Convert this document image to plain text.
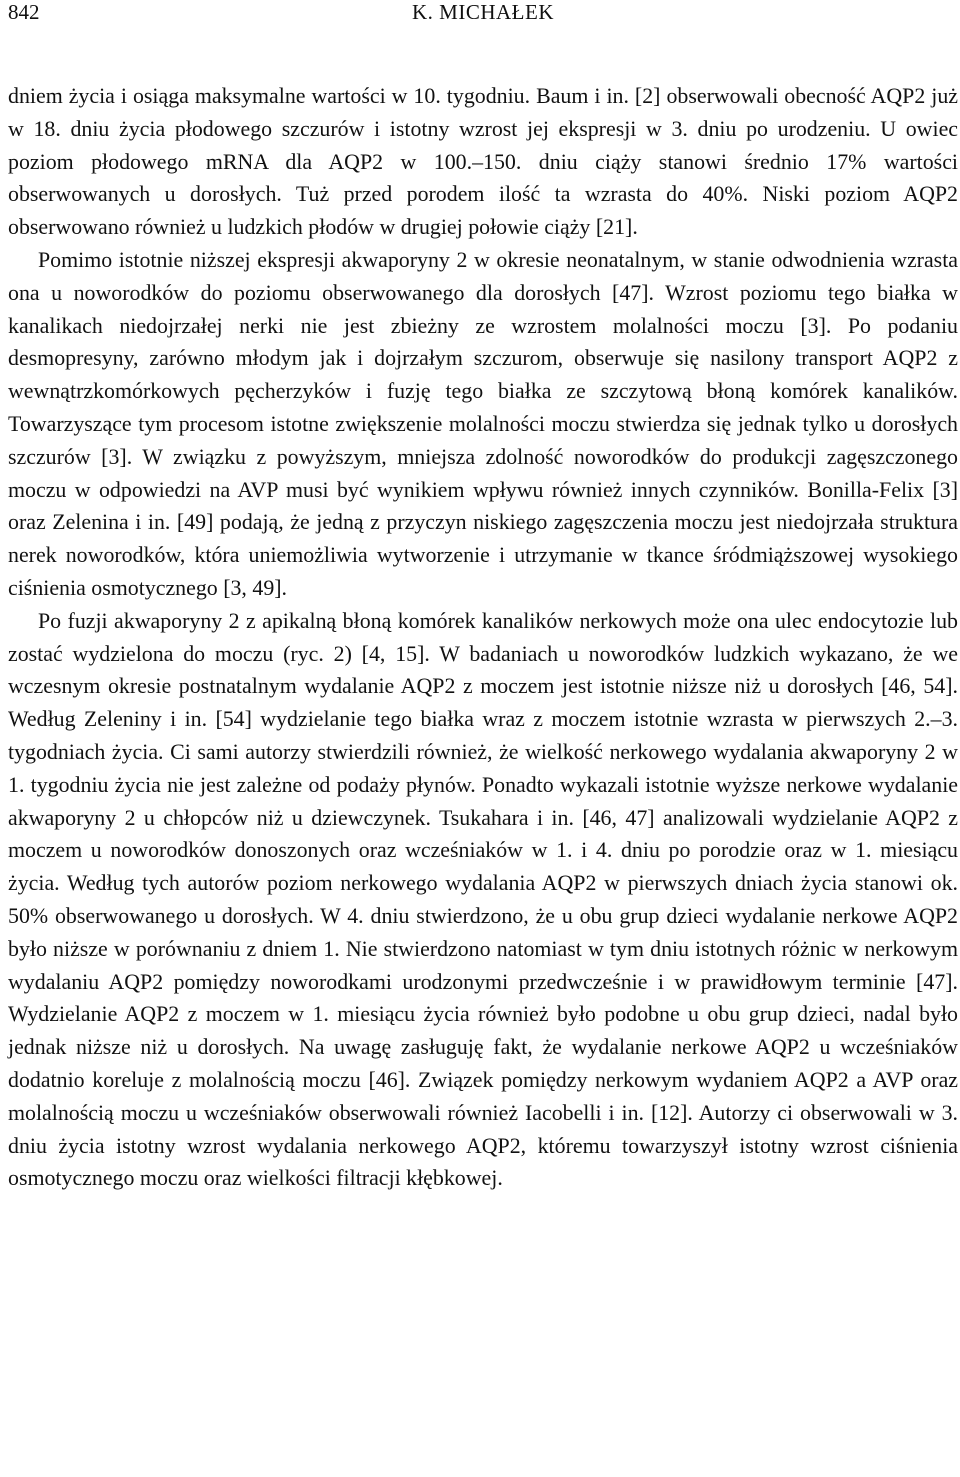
842	K. MICHAŁEK

dniem życia i osiąga maksymalne wartości w 10. tygodniu. Baum i in. [2] obserwowali obecność AQP2 już w 18. dniu życia płodowego szczurów i istotny wzrost jej ekspresji w 3. dniu po urodzeniu. U owiec poziom płodowego mRNA dla AQP2 w 100.–150. dniu ciąży stanowi średnio 17% wartości obserwowanych u dorosłych. Tuż przed porodem ilość ta wzrasta do 40%. Niski poziom AQP2 obserwowano również u ludzkich płodów w drugiej połowie ciąży [21].

Pomimo istotnie niższej ekspresji akwaporyny 2 w okresie neonatalnym, w stanie odwodnienia wzrasta ona u noworodków do poziomu obserwowanego dla dorosłych [47]. Wzrost poziomu tego białka w kanalikach niedojrzałej nerki nie jest zbieżny ze wzrostem molalności moczu [3]. Po podaniu desmopresyny, zarówno młodym jak i dojrzałym szczurom, obserwuje się nasilony transport AQP2 z wewnątrzkomórkowych pęcherzyków i fuzję tego białka ze szczytową błoną komórek kanalików. Towarzyszące tym procesom istotne zwiększenie molalności moczu stwierdza się jednak tylko u dorosłych szczurów [3]. W związku z powyższym, mniejsza zdolność noworodków do produkcji zagęszczonego moczu w odpowiedzi na AVP musi być wynikiem wpływu również innych czynników. Bonilla-Felix [3] oraz Zelenina i in. [49] podają, że jedną z przyczyn niskiego zagęszczenia moczu jest niedojrzała struktura nerek noworodków, która uniemożliwia wytworzenie i utrzymanie w tkance śródmiąższowej wysokiego ciśnienia osmotycznego [3, 49].

Po fuzji akwaporyny 2 z apikalną błoną komórek kanalików nerkowych może ona ulec endocytozie lub zostać wydzielona do moczu (ryc. 2) [4, 15]. W badaniach u noworodków ludzkich wykazano, że we wczesnym okresie postnatalnym wydalanie AQP2 z moczem jest istotnie niższe niż u dorosłych [46, 54]. Według Zeleniny i in. [54] wydzielanie tego białka wraz z moczem istotnie wzrasta w pierwszych 2.–3. tygodniach życia. Ci sami autorzy stwierdzili również, że wielkość nerkowego wydalania akwaporyny 2 w 1. tygodniu życia nie jest zależne od podaży płynów. Ponadto wykazali istotnie wyższe nerkowe wydalanie akwaporyny 2 u chłopców niż u dziewczynek. Tsukahara i in. [46, 47] analizowali wydzielanie AQP2 z moczem u noworodków donoszonych oraz wcześniaków w 1. i 4. dniu po porodzie oraz w 1. miesiącu życia. Według tych autorów poziom nerkowego wydalania AQP2 w pierwszych dniach życia stanowi ok. 50% obserwowanego u dorosłych. W 4. dniu stwierdzono, że u obu grup dzieci wydalanie nerkowe AQP2 było niższe w porównaniu z dniem 1. Nie stwierdzono natomiast w tym dniu istotnych różnic w nerkowym wydalaniu AQP2 pomiędzy noworodkami urodzonymi przedwcześnie i w prawidłowym terminie [47]. Wydzielanie AQP2 z moczem w 1. miesiącu życia również było podobne u obu grup dzieci, nadal było jednak niższe niż u dorosłych. Na uwagę zasługuję fakt, że wydalanie nerkowe AQP2 u wcześniaków dodatnio koreluje z molalnością moczu [46]. Związek pomiędzy nerkowym wydaniem AQP2 a AVP oraz molalnością moczu u wcześniaków obserwowali również Iacobelli i in. [12]. Autorzy ci obserwowali w 3. dniu życia istotny wzrost wydalania nerkowego AQP2, któremu towarzyszył istotny wzrost ciśnienia osmotycznego moczu oraz wielkości filtracji kłębkowej.
